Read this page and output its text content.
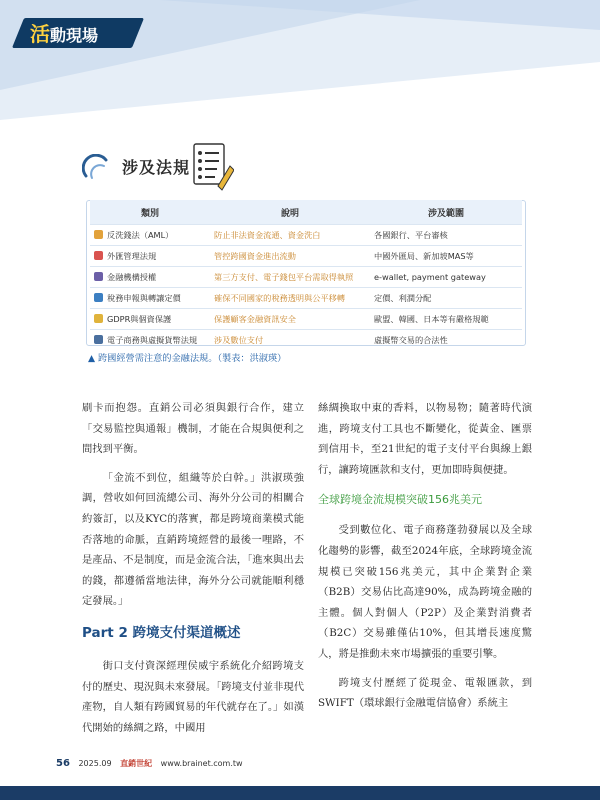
活動現場
涉及法規
類別	說明	涉及範圍
反洗錢法（AML）	防止非法資金流通、資金洗白	各國銀行、平台審核
外匯管理法規	管控跨國資金進出流動	中國外匯局、新加坡MAS等
金融機構授權	第三方支付、電子錢包平台需取得執照	e-wallet, payment gateway
稅務申報與轉讓定價	確保不同國家的稅務透明與公平移轉	定價、利潤分配
GDPR與個資保護	保護顧客金融資訊安全	歐盟、韓國、日本等有嚴格規範
電子商務與虛擬貨幣法規	涉及數位支付	虛擬幣交易的合法性
▲ 跨國經營需注意的金融法規。（製表：洪淑瑛）

刷卡而抱怨。直銷公司必須與銀行合作，建立「交易監控與通報」機制，才能在合規與便利之間找到平衡。

「金流不到位，組織等於白幹。」洪淑瑛強調，營收如何回流總公司、海外分公司的相關合約簽訂，以及KYC的落實，都是跨境商業模式能否落地的命脈，直銷跨境經營的最後一哩路，不是產品、不是制度，而是金流合法，「進來與出去的錢，都遵循當地法律，海外分公司就能順利穩定發展。」

Part 2 跨境支付渠道概述

街口支付資深經理侯威宇系統化介紹跨境支付的歷史、現況與未來發展。「跨境支付並非現代產物，自人類有跨國貿易的年代就存在了。」如漢代開始的絲綢之路，中國用

絲綢換取中東的香料，以物易物；隨著時代演進，跨境支付工具也不斷變化，從黃金、匯票到信用卡，至21世紀的電子支付平台與線上銀行，讓跨境匯款和支付，更加即時與便捷。

全球跨境金流規模突破156兆美元

受到數位化、電子商務蓬勃發展以及全球化趨勢的影響，截至2024年底，全球跨境金流規模已突破156兆美元，其中企業對企業（B2B）交易佔比高達90%，成為跨境金融的主體。個人對個人（P2P）及企業對消費者（B2C）交易雖僅佔10%，但其增長速度驚人，將是推動未來市場擴張的重要引擎。

跨境支付歷經了從現金、電報匯款，到SWIFT（環球銀行金融電信協會）系統主

56 2025.09 直銷世紀 www.brainet.com.tw
